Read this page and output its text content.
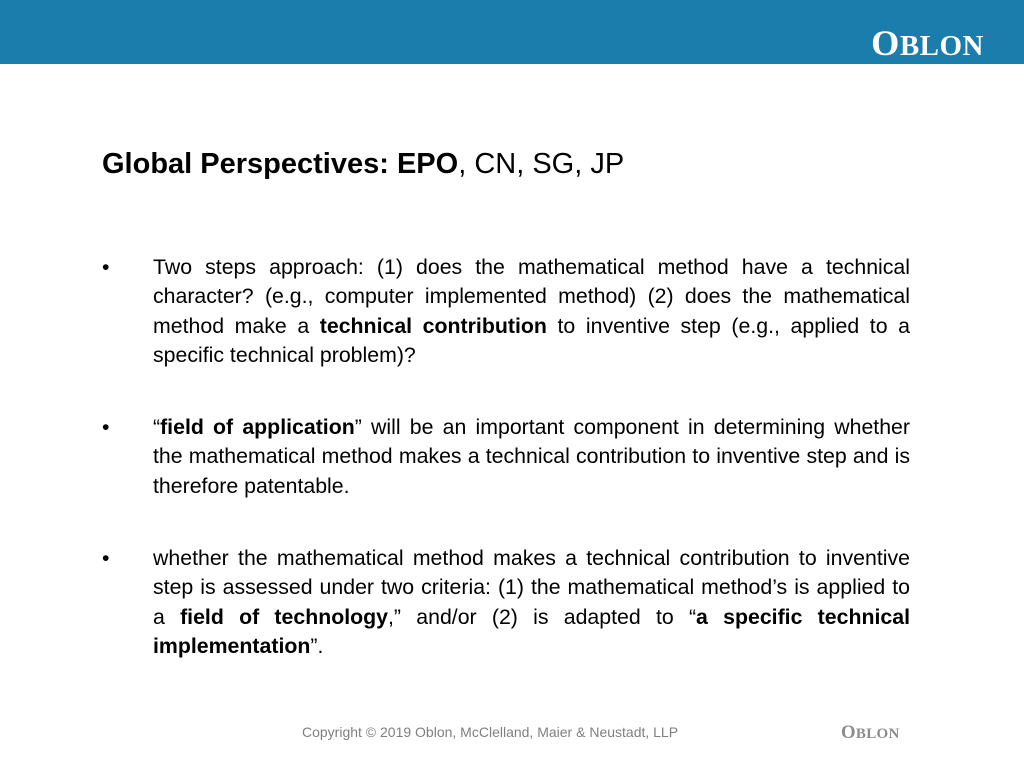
OBLON
Global Perspectives: EPO, CN, SG, JP
• Two steps approach: (1) does the mathematical method have a technical character? (e.g., computer implemented method) (2) does the mathematical method make a technical contribution to inventive step (e.g., applied to a specific technical problem)?
• “field of application” will be an important component in determining whether the mathematical method makes a technical contribution to inventive step and is therefore patentable.
• whether the mathematical method makes a technical contribution to inventive step is assessed under two criteria: (1) the mathematical method’s is applied to a field of technology,” and/or (2) is adapted to “a specific technical implementation”.
Copyright © 2019 Oblon, McClelland, Maier & Neustadt, LLP	OBLON
